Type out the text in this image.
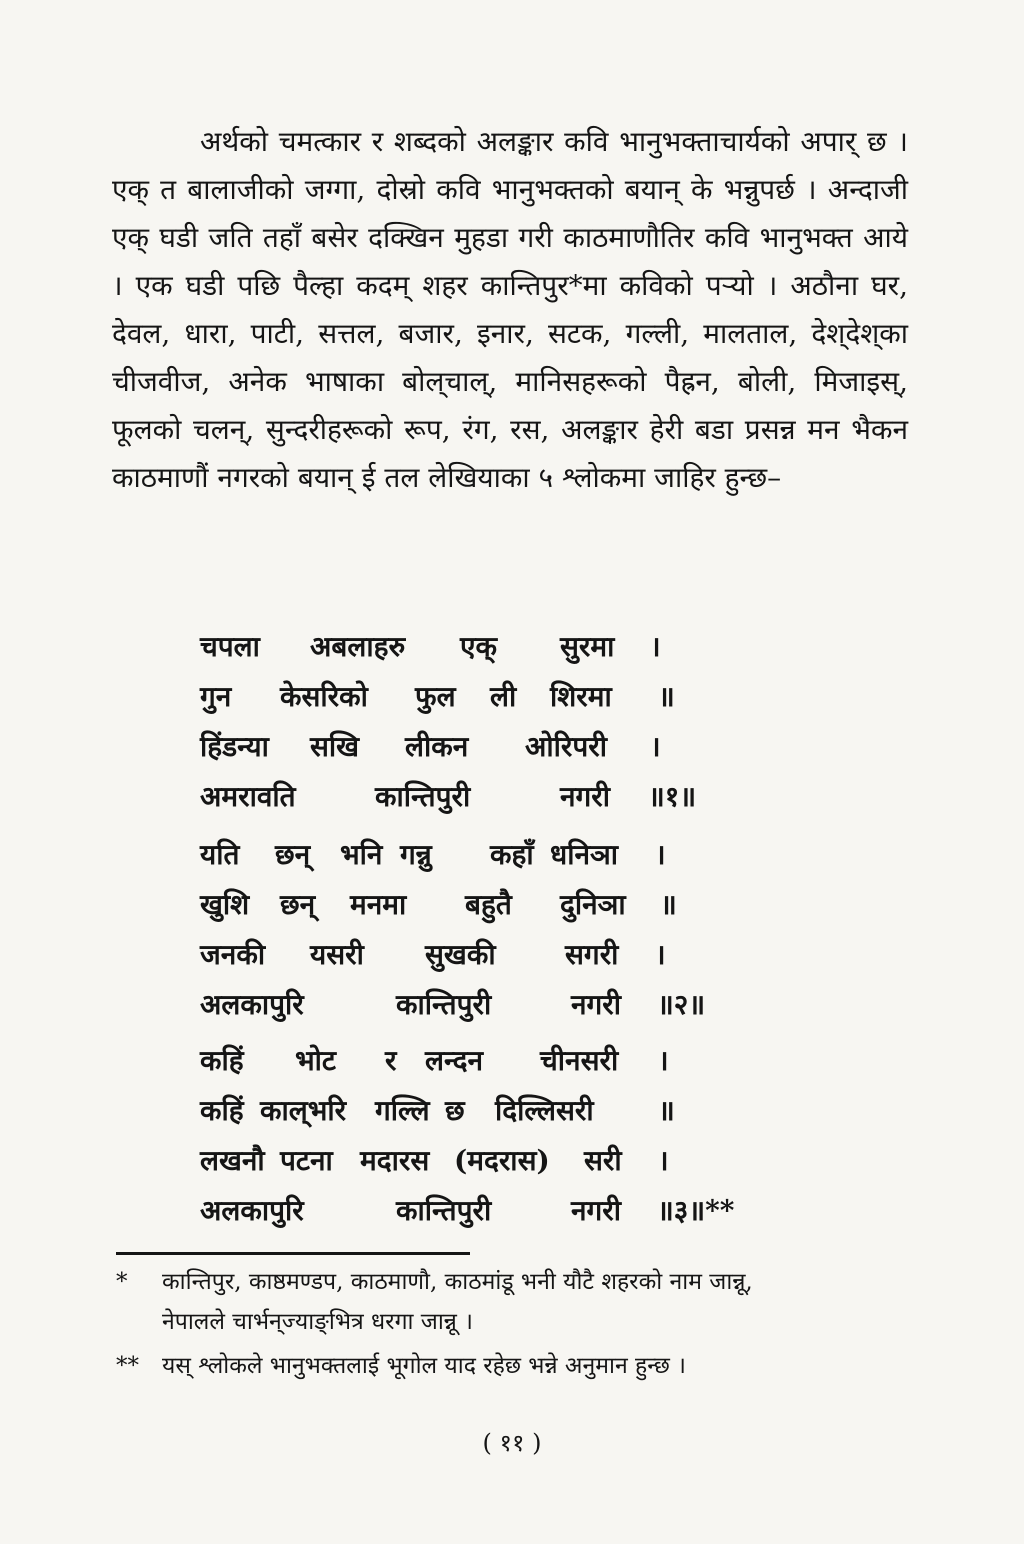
अर्थको चमत्कार र शब्दको अलङ्कार कवि भानुभक्ताचार्यको अपार् छ । एक् त बालाजीको जग्गा, दोस्रो कवि भानुभक्तको बयान् के भन्नुपर्छ । अन्दाजी एक् घडी जति तहाँ बसेर दक्खिन मुहडा गरी काठमाणौतिर कवि भानुभक्त आये । एक घडी पछि पैल्हा कदम् शहर कान्तिपुर*मा कविको पर्‍यो । अठौना घर, देवल, धारा, पाटी, सत्तल, बजार, इनार, सटक, गल्ली, मालताल, देश्‌देश्‌का चीजवीज, अनेक भाषाका बोल्‌चाल्, मानिसहरूको पैह्रन, बोली, मिजाइस्, फूलको चलन्, सुन्दरीहरूको रूप, रंग, रस, अलङ्कार हेरी बडा प्रसन्न मन भैकन काठमाणौं नगरको बयान् ई तल लेखियाका ५ श्लोकमा जाहिर हुन्छ–

चपला अबलाहरु एक् सुरमा ।
गुन केसरिको फुल ली शिरमा ॥
हिंडन्या सखि लीकन ओरिपरी ।
अमरावति	कान्तिपुरी	नगरी ॥१॥
यति छन् भनि गन्नु कहाँ धनिञा ।
खुशि छन् मनमा बहुतै दुनिञा ॥
जनकी यसरी सुखकी सगरी ।
अलकापुरि	कान्तिपुरी	नगरी ॥२॥
कहिं भोट र लन्दन चीनसरी ।
कहिं काल्‌भरि गल्लि छ दिल्लिसरी ॥
लखनौ पटना मदारस (मदरास) सरी ।
अलकापुरि	कान्तिपुरी	नगरी ॥३॥**
* कान्तिपुर, काष्ठमण्डप, काठमाणौ, काठमांडू भनी यौटै शहरको नाम जान्नू,
नेपालले चार्भन्‌ज्याङ्‌भित्र धरगा जान्नू ।
** यस् श्लोकले भानुभक्तलाई भूगोल याद रहेछ भन्ने अनुमान हुन्छ ।
( ११ )
